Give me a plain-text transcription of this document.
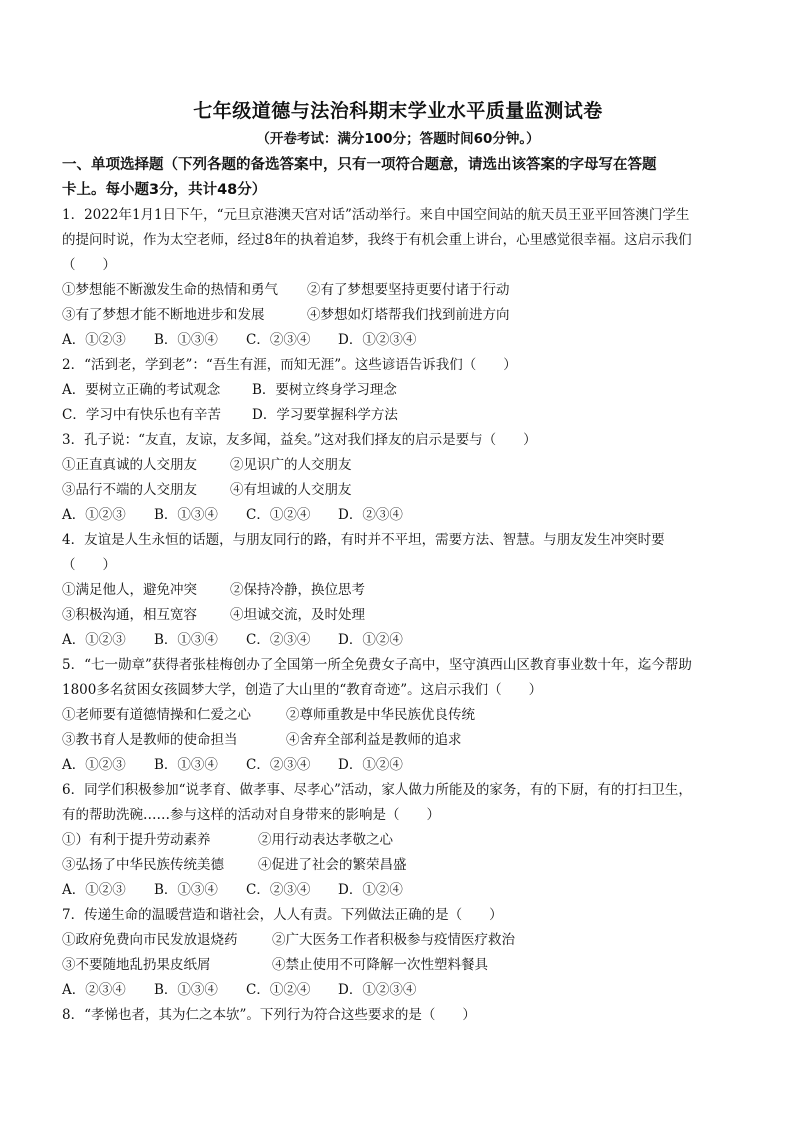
七年级道德与法治科期末学业水平质量监测试卷

（开卷考试：满分100分；答题时间60分钟。）

一、单项选择题（下列各题的备选答案中，只有一项符合题意，请选出该答案的字母写在答题

卡上。每小题3分，共计48分）

1．2022年1月1日下午，“元旦京港澳天宫对话”活动举行。来自中国空间站的航天员王亚平回答澳门学生

的提问时说，作为太空老师，经过8年的执着追梦，我终于有机会重上讲台，心里感觉很幸福。这启示我们

（　　）

①梦想能不断激发生命的热情和勇气	②有了梦想要坚持更要付诸于行动
③有了梦想才能不断地进步和发展	④梦想如灯塔帮我们找到前进方向
A．①②③	B．①③④	C．②③④	D．①②③④

2．“活到老，学到老”：“吾生有涯，而知无涯”。这些谚语告诉我们（　　）

A．要树立正确的考试观念	B．要树立终身学习理念
C．学习中有快乐也有辛苦	D．学习要掌握科学方法

3．孔子说：“友直，友谅，友多闻，益矣。”这对我们择友的启示是要与（　　）

①正直真诚的人交朋友	②见识广的人交朋友
③品行不端的人交朋友	④有坦诚的人交朋友
A．①②③	B．①③④	C．①②④	D．②③④

4．友谊是人生永恒的话题，与朋友同行的路，有时并不平坦，需要方法、智慧。与朋友发生冲突时要

（　　）

①满足他人，避免冲突	②保持冷静，换位思考
③积极沟通，相互宽容	④坦诚交流，及时处理
A．①②③	B．①③④	C．②③④	D．①②④

5．“七一勋章”获得者张桂梅创办了全国第一所全免费女子高中，坚守滇西山区教育事业数十年，迄今帮助

1800多名贫困女孩圆梦大学，创造了大山里的“教育奇迹”。这启示我们（　　）

①老师要有道德情操和仁爱之心	②尊师重教是中华民族优良传统
③教书育人是教师的使命担当	④舍弃全部利益是教师的追求
A．①②③	B．①③④	C．②③④	D．①②④

6．同学们积极参加“说孝育、做孝事、尽孝心”活动，家人做力所能及的家务，有的下厨，有的打扫卫生，

有的帮助洗碗……参与这样的活动对自身带来的影响是（　　）

①）有利于提升劳动素养	②用行动表达孝敬之心
③弘扬了中华民族传统美德	④促进了社会的繁荣昌盛
A．①②③	B．①③④	C．②③④	D．①②④

7．传递生命的温暖营造和谐社会，人人有责。下列做法正确的是（　　）

①政府免费向市民发放退烧药	②广大医务工作者积极参与疫情医疗救治
③不要随地乱扔果皮纸屑	④禁止使用不可降解一次性塑料餐具
A．②③④	B．①③④	C．①②④	D．①②③④

8．“孝悌也者，其为仁之本欤”。下列行为符合这些要求的是（　　）
